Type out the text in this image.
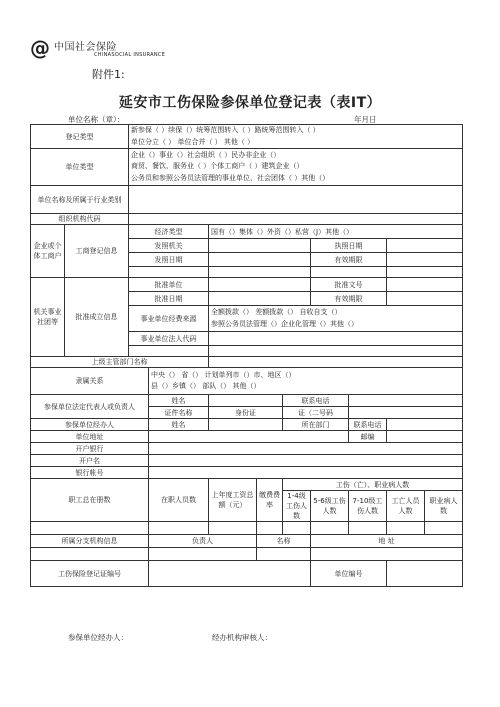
@ 中国社会保险
CHINASOCIAL INSURANCE
附件1:
延安市工伤保险参保单位登记表（表IT）
单位名称（章）：	年月日
登记类型		新参保（ ）续保（）统筹范围转入（ ）路统筹范围转入（ ）
单位分立（ ） 单位合并（ ） 其他（ ）								

单位类型		企业（）事业（）社会组织（ ）民办非企业（）
商贸、餐饮、服务业（ ）个体工商户（ ）建筑企业（）
公务员和参照公务员法管理的事业单位、社会团体（ ）其他（）								

单位名称及所属于行业类别										
组织机构代码										
企业或个体工商户	工商登记信息	经济类型		国有（）集体（）外资（）私营（J）其他（）						
		发照机关					执照日期			
		发照日期					有效期限			

机关事业社团等	批准成立信息	批准单位					批准文号			
		批准日期					有效期限			
		事业单位经费来源		全额拨款（） 差额拨款（） 自收自支（）
参照公务员法管理（）企业化管理（）其他（）						

		事业单位法人代码								

上级主管部门名称										
隶属关系			中央（） 省（） 计划单列市（）市、地区（）
县（）乡镇（） 部队（） 其他（）							

参保单位法定代表人或负责人			姓名			联系电话				
			证件名称	身份证		证（二号码				
参保单位经办人			姓名			所在部门		联系电话		
单位地址								邮编		
开户银行										
开户名										
银行帐号										
职工总在册数			在职人员数	上年度工资总额（元）	缴费费率	工伤（亡）、职业病人数				
						1-4级工伤人数	5-6级工伤人数	7-10级工伤人数	工亡人员人数	职业病人数

所属分支机构信息			负责人		名称		地 址			

工伤保险登记证编号							单位编号			
参保单位经办人：	经办机构审核人：
